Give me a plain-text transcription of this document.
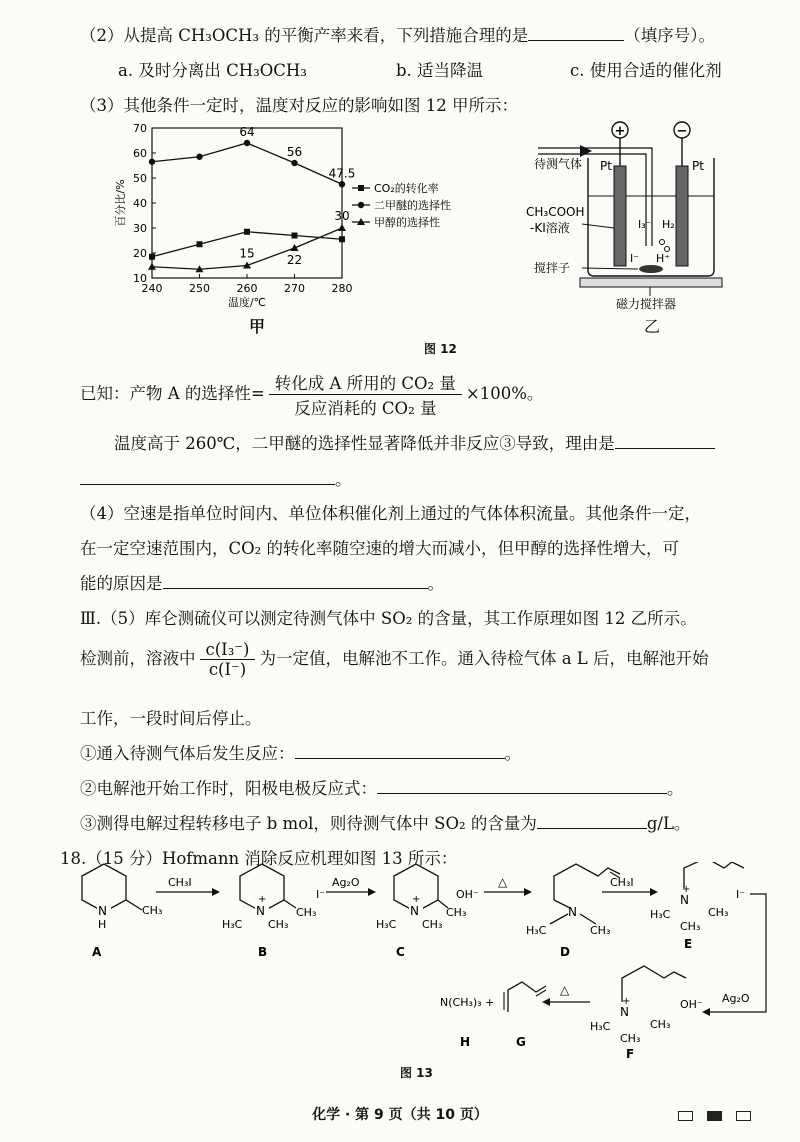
（2）从提高 CH₃OCH₃ 的平衡产率来看，下列措施合理的是	（填序号）。
a. 及时分离出 CH₃OCH₃	b. 适当降温	c. 使用合适的催化剂
（3）其他条件一定时，温度对反应的影响如图 12 甲所示：
10
20
30
40
50
60
70
240 250 260 270 280
温度/℃
百分比/%	CO₂的转化率
二甲醚的选择性
甲醇的选择性
64
56
47.5
15	22
30
+	−
待测气体 Pt	Pt
CH₃COOH
-KI溶液	I₃⁻ H₂
I⁻ H⁺
搅拌子
磁力搅拌器
甲	乙
图 12
已知：产物 A 的选择性= $\frac{\text{转化成 A 所用的 CO₂ 量}}{\text{反应消耗的 CO₂ 量}} \times 100\%$。
温度高于 260℃，二甲醚的选择性显著降低并非反应③导致，理由是
。
（4）空速是指单位时间内、单位体积催化剂上通过的气体体积流量。其他条件一定，
在一定空速范围内，CO₂ 的转化率随空速的增大而减小，但甲醇的选择性增大，可
能的原因是	。
Ⅲ.（5）库仑测硫仪可以测定待测气体中 SO₂ 的含量，其工作原理如图 12 乙所示。
检测前，溶液中 $\frac{\text{c(I₃⁻)}}{c(I^-)}$ 为一定值，电解池不工作。通入待检气体 a L 后，电解池开始
工作，一段时间后停止。
①通入待测气体后发生反应：	。
②电解池开始工作时，阳极电极反应式：	。
③测得电解过程转移电子 b mol，则待测气体中 SO₂ 的含量为	g/L。
18.（15 分）Hofmann 消除反应机理如图 13 所示：
CH₃
N
H
A
CH₃I
CH₃
N
+
H₃C CH₃
I⁻
B
Ag₂O
CH₃
N
+
H₃C CH₃
OH⁻
C
△
N
H₃C	CH₃
D
CH₃I
N
+
H₃C	CH₃
CH₃
I⁻
E
Ag₂O
N
+
H₃C	CH₃
CH₃
OH⁻
F
△
N(CH₃)₃ +
H	G
图 13
化学 · 第 9 页（共 10 页）
